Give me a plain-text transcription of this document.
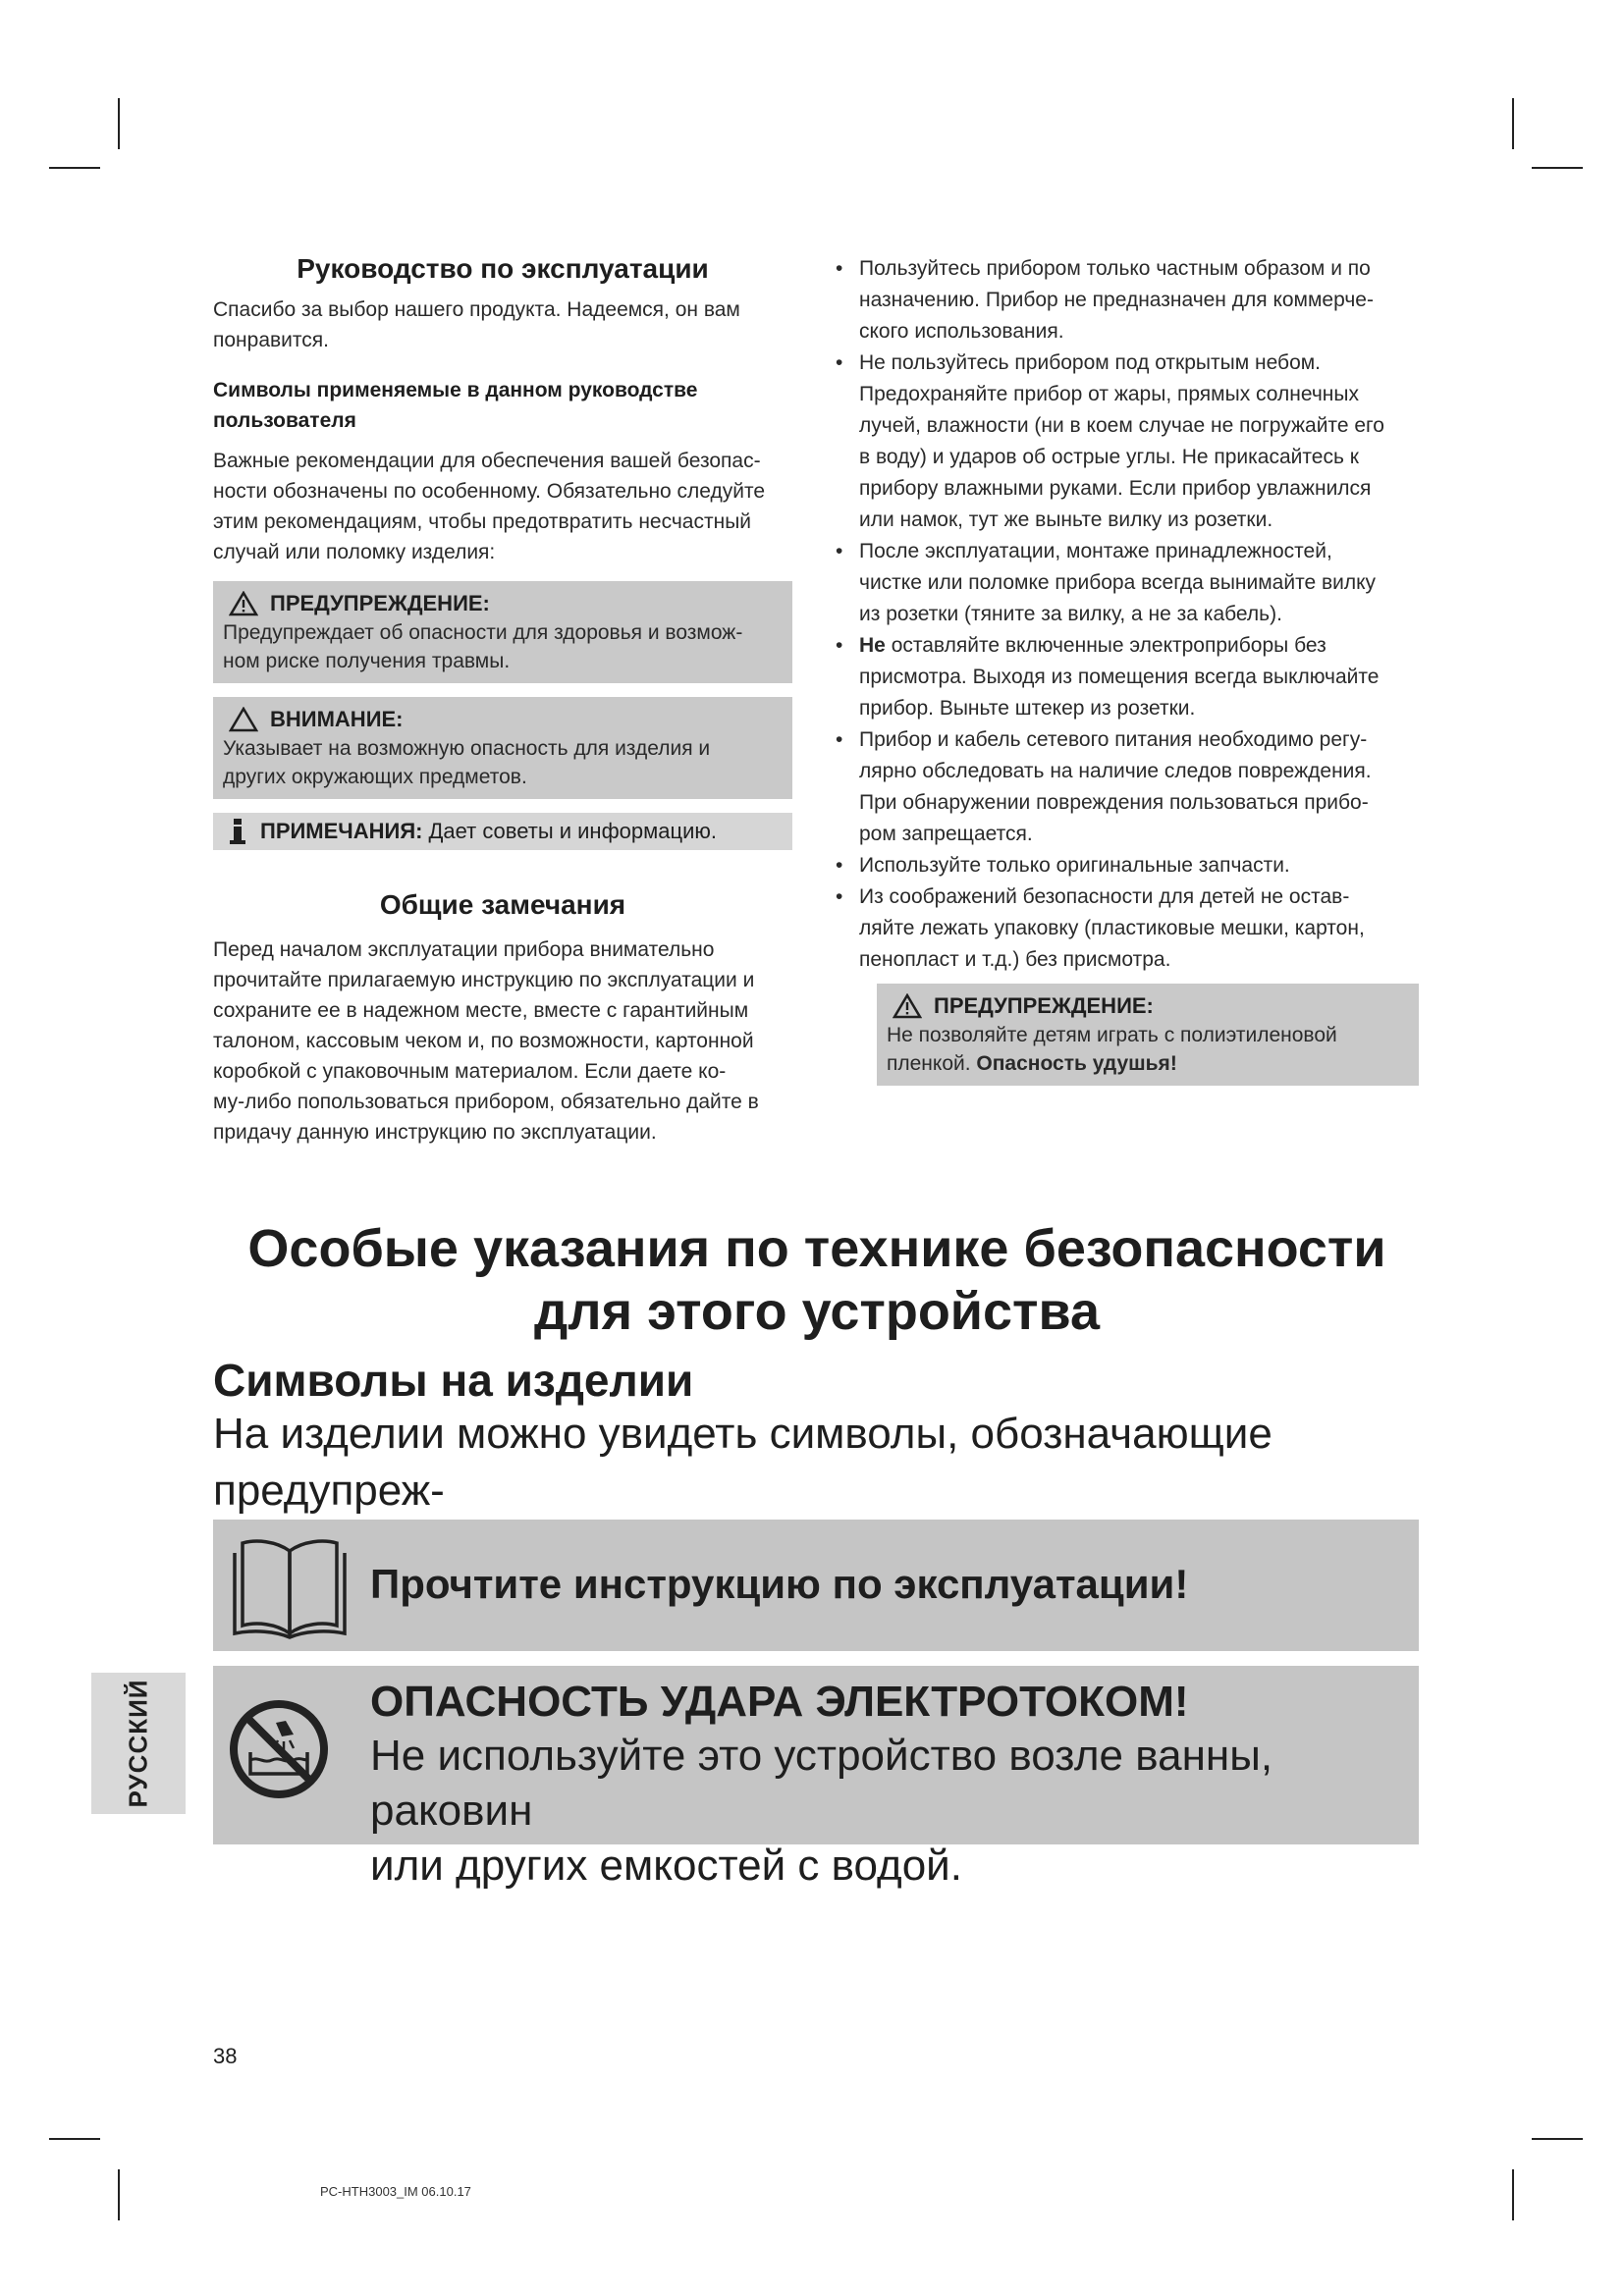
Руководство по эксплуатации

Спасибо за выбор нашего продукта. Надеемся, он вам

понравится.

Символы применяемые в данном руководстве
пользователя

Важные рекомендации для обеспечения вашей безопас-

ности обозначены по особенному. Обязательно следуйте

этим рекомендациям, чтобы предотвратить несчастный

случай или поломку изделия:

ПРЕДУПРЕЖДЕНИЕ:
Предупреждает об опасности для здоровья и возмож-
ном риске получения травмы.
ВНИМАНИЕ:
Указывает на возможную опасность для изделия и
других окружающих предметов.
ПРИМЕЧАНИЯ: Дает советы и информацию.
Общие замечания

Перед началом эксплуатации прибора внимательно

прочитайте прилагаемую инструкцию по эксплуатации и

сохраните ее в надежном месте, вместе с гарантийным

талоном, кассовым чеком и, по возможности, картонной

коробкой с упаковочным материалом. Если даете ко-

му-либо попользоваться прибором, обязательно дайте в

придачу данную инструкцию по эксплуатации.

• Пользуйтесь прибором только частным образом и по
назначению. Прибор не предназначен для коммерче-
ского использования.
• Не пользуйтесь прибором под открытым небом.
Предохраняйте прибор от жары, прямых солнечных
лучей, влажности (ни в коем случае не погружайте его
в воду) и ударов об острые углы. Не прикасайтесь к
прибору влажными руками. Если прибор увлажнился
или намок, тут же выньте вилку из розетки.
• После эксплуатации, монтаже принадлежностей,
чистке или поломке прибора всегда вынимайте вилку
из розетки (тяните за вилку, а не за кабель).
• Не оставляйте включенные электроприборы без
присмотра. Выходя из помещения всегда выключайте
прибор. Выньте штекер из розетки.
• Прибор и кабель сетевого питания необходимо регу-
лярно обследовать на наличие следов повреждения.
При обнаружении повреждения пользоваться прибо-
ром запрещается.
• Используйте только оригинальные запчасти.
• Из соображений безопасности для детей не остав-
ляйте лежать упаковку (пластиковые мешки, картон,
пенопласт и т.д.) без присмотра.
ПРЕДУПРЕЖДЕНИЕ:
Не позволяйте детям играть с полиэтиленовой
пленкой. Опасность удушья!
Особые указания по технике безопасности
для этого устройства
Символы на изделии
На изделии можно увидеть символы, обозначающие предупреж-
Прочтите инструкцию по эксплуатации!
ОПАСНОСТЬ УДАРА ЭЛЕКТРОТОКОМ!
Не используйте это устройство возле ванны, раковин
или других емкостей с водой.
РУССКИЙ
38
PC-HTH3003_IM 06.10.17
